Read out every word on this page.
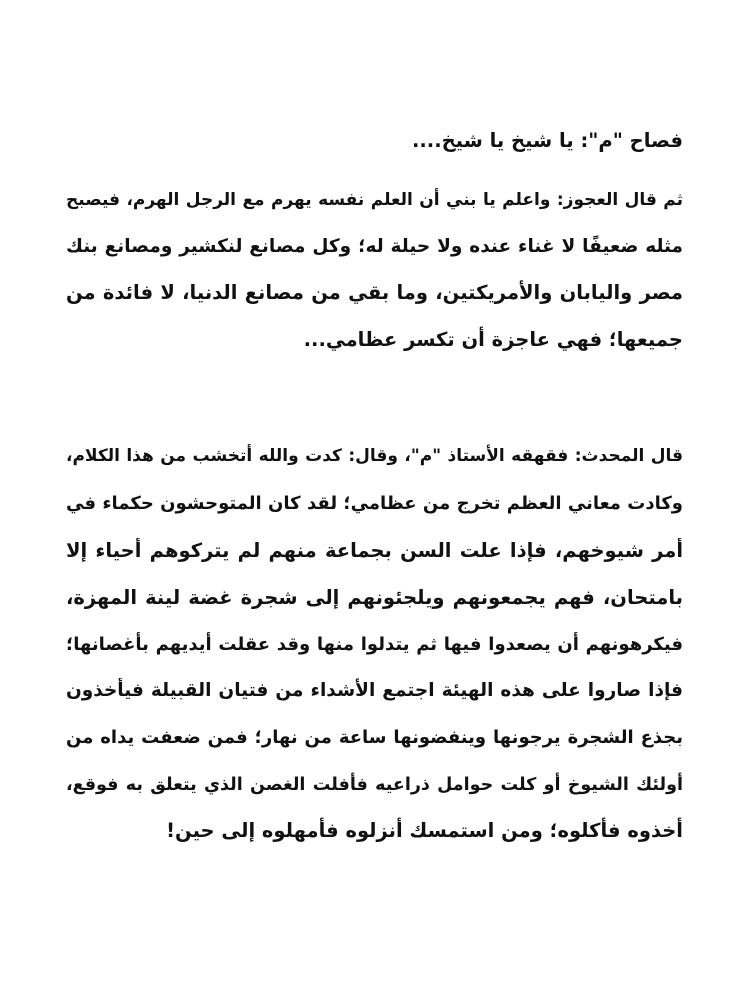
فصاح "م": يا شيخ يا شيخ....

ثم قال العجوز: واعلم يا بني أن العلم نفسه يهرم مع الرجل الهرم، فيصبح

مثله ضعيفًا لا غناء عنده ولا حيلة له؛ وكل مصانع لنكشير ومصانع بنك

مصر واليابان والأمريكتين، وما بقي من مصانع الدنيا، لا فائدة من

جميعها؛ فهي عاجزة أن تكسر عظامي...

قال المحدث: فقهقه الأستاذ "م"، وقال: كدت والله أتخشب من هذا الكلام،

وكادت معاني العظم تخرج من عظامي؛ لقد كان المتوحشون حكماء في

أمر شيوخهم، فإذا علت السن بجماعة منهم لم يتركوهم أحياء إلا

بامتحان، فهم يجمعونهم ويلجئونهم إلى شجرة غضة لينة المهزة،

فيكرهونهم أن يصعدوا فيها ثم يتدلوا منها وقد عقلت أيديهم بأغصانها؛

فإذا صاروا على هذه الهيئة اجتمع الأشداء من فتيان القبيلة فيأخذون

بجذع الشجرة يرجونها وينفضونها ساعة من نهار؛ فمن ضعفت يداه من

أولئك الشيوخ أو كلت حوامل ذراعيه فأفلت الغصن الذي يتعلق به فوقع،

أخذوه فأكلوه؛ ومن استمسك أنزلوه فأمهلوه إلى حين!
